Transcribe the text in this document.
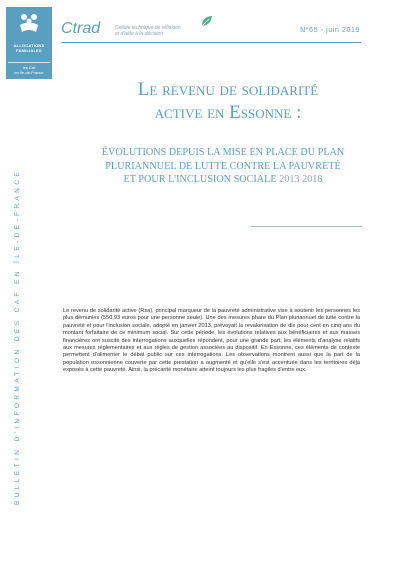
ALLOCATIONS
FAMILIALES
les Caf
en Île-de-France
Ctrad	Cellule technique de réflexion
et d'aide à la décision	N°65 - juin 2019
BULLETIN D'INFORMATION DES CAF EN ÎLE-DE-FRANCE
Le revenu de solidarité
active en Essonne :
ÉVOLUTIONS DEPUIS LA MISE EN PLACE DU PLAN
PLURIANNUEL DE LUTTE CONTRE LA PAUVRETÉ
ET POUR L'INCLUSION SOCIALE 2013 2018

Le revenu de solidarité active (Rsa), principal marqueur de la pauvreté administrative vise à soutenir les personnes les plus démunies (550,93 euros pour une personne seule). Une des mesures phare du Plan pluriannuel de lutte contre la pauvreté et pour l'inclusion sociale, adopté en janvier 2013, prévoyait la revalorisation de dix pour cent en cinq ans du montant forfaitaire de ce minimum social. Sur cette période, les évolutions relatives aux bénéficiaires et aux masses financières ont suscité des interrogations auxquelles répondent, pour une grande part, les éléments d'analyse relatifs aux mesures réglementaires et aux règles de gestion associées au dispositif. En Essonne, ces éléments de contexte permettent d'alimenter le débat public sur ces interrogations. Les observations montrent aussi que la part de la population essonnienne couverte par cette prestation a augmenté et qu'elle s'est accentuée dans les territoires déjà exposés à cette pauvreté. Ainsi, la précarité monétaire atteint toujours les plus fragiles d'entre eux.
